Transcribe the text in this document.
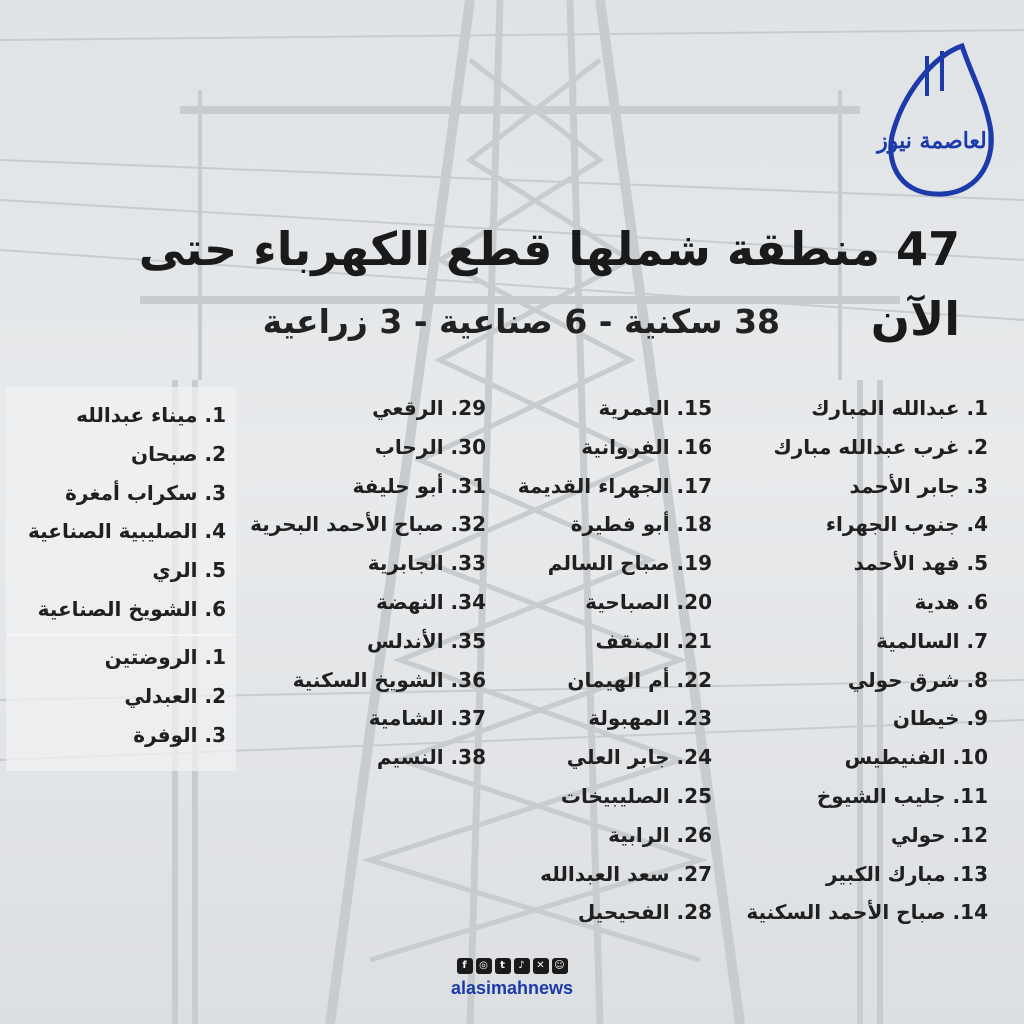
العاصمة نيوز
47 منطقة شملها قطع الكهرباء حتى الآن
38 سكنية - 6 صناعية - 3 زراعية
1. عبدالله المبارك
2. غرب عبدالله مبارك
3. جابر الأحمد
4. جنوب الجهراء
5. فهد الأحمد
6. هدية
7. السالمية
8. شرق حولي
9. خيطان
10. الفنيطيس
11. جليب الشيوخ
12. حولي
13. مبارك الكبير
14. صباح الأحمد السكنية
15. العمرية
16. الفروانية
17. الجهراء القديمة
18. أبو فطيرة
19. صباح السالم
20. الصباحية
21. المنقف
22. أم الهيمان
23. المهبولة
24. جابر العلي
25. الصليبيخات
26. الرابية
27. سعد العبدالله
28. الفحيحيل
29. الرقعي
30. الرحاب
31. أبو حليفة
32. صباح الأحمد البحرية
33. الجابرية
34. النهضة
35. الأندلس
36. الشويخ السكنية
37. الشامية
38. النسيم
1. ميناء عبدالله
2. صبحان
3. سكراب أمغرة
4. الصليبية الصناعية
5. الري
6. الشويخ الصناعية
1. الروضتين
2. العبدلي
3. الوفرة
f	◎	t	♪	✕ ☺
alasimahnews
